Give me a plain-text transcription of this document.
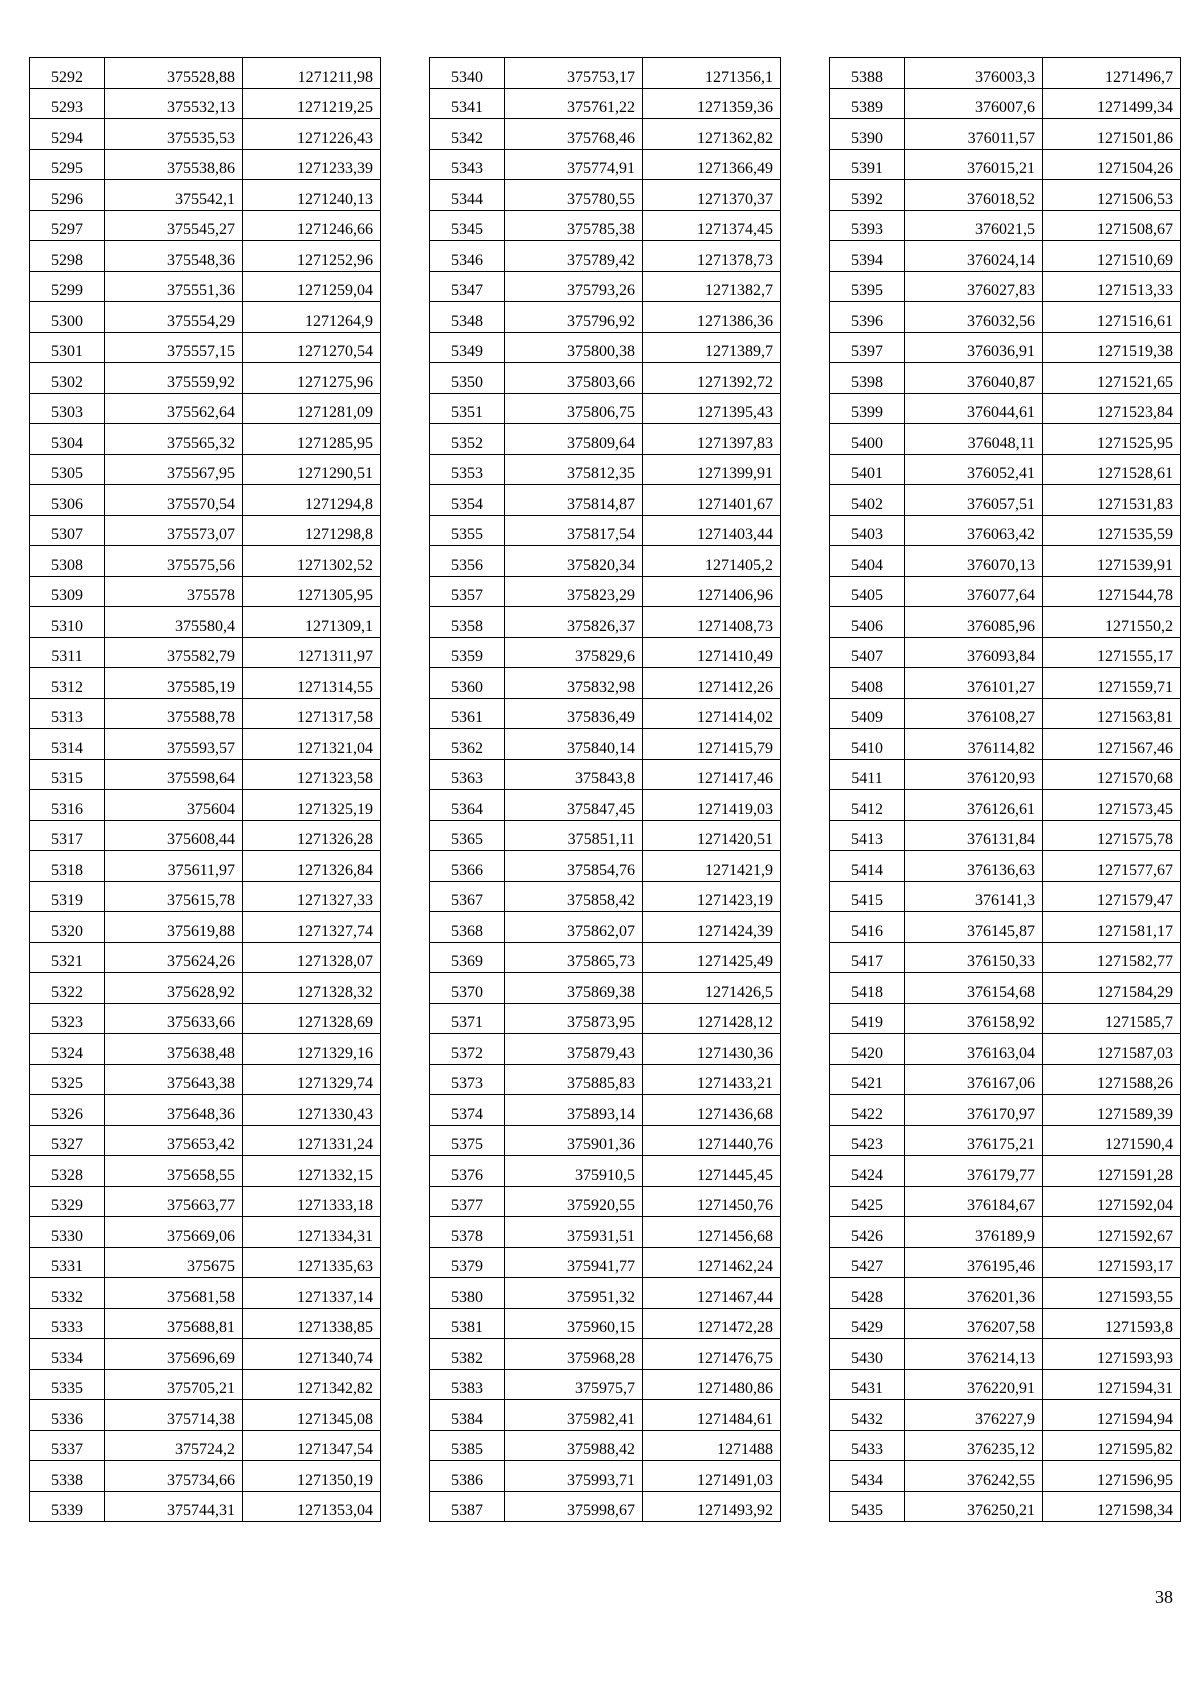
5292	375528,88	1271211,98
5293	375532,13	1271219,25
5294	375535,53	1271226,43
5295	375538,86	1271233,39
5296	375542,1	1271240,13
5297	375545,27	1271246,66
5298	375548,36	1271252,96
5299	375551,36	1271259,04
5300	375554,29	1271264,9
5301	375557,15	1271270,54
5302	375559,92	1271275,96
5303	375562,64	1271281,09
5304	375565,32	1271285,95
5305	375567,95	1271290,51
5306	375570,54	1271294,8
5307	375573,07	1271298,8
5308	375575,56	1271302,52
5309	375578	1271305,95
5310	375580,4	1271309,1
5311	375582,79	1271311,97
5312	375585,19	1271314,55
5313	375588,78	1271317,58
5314	375593,57	1271321,04
5315	375598,64	1271323,58
5316	375604	1271325,19
5317	375608,44	1271326,28
5318	375611,97	1271326,84
5319	375615,78	1271327,33
5320	375619,88	1271327,74
5321	375624,26	1271328,07
5322	375628,92	1271328,32
5323	375633,66	1271328,69
5324	375638,48	1271329,16
5325	375643,38	1271329,74
5326	375648,36	1271330,43
5327	375653,42	1271331,24
5328	375658,55	1271332,15
5329	375663,77	1271333,18
5330	375669,06	1271334,31
5331	375675	1271335,63
5332	375681,58	1271337,14
5333	375688,81	1271338,85
5334	375696,69	1271340,74
5335	375705,21	1271342,82
5336	375714,38	1271345,08
5337	375724,2	1271347,54
5338	375734,66	1271350,19
5339	375744,31	1271353,04
5340	375753,17	1271356,1
5341	375761,22	1271359,36
5342	375768,46	1271362,82
5343	375774,91	1271366,49
5344	375780,55	1271370,37
5345	375785,38	1271374,45
5346	375789,42	1271378,73
5347	375793,26	1271382,7
5348	375796,92	1271386,36
5349	375800,38	1271389,7
5350	375803,66	1271392,72
5351	375806,75	1271395,43
5352	375809,64	1271397,83
5353	375812,35	1271399,91
5354	375814,87	1271401,67
5355	375817,54	1271403,44
5356	375820,34	1271405,2
5357	375823,29	1271406,96
5358	375826,37	1271408,73
5359	375829,6	1271410,49
5360	375832,98	1271412,26
5361	375836,49	1271414,02
5362	375840,14	1271415,79
5363	375843,8	1271417,46
5364	375847,45	1271419,03
5365	375851,11	1271420,51
5366	375854,76	1271421,9
5367	375858,42	1271423,19
5368	375862,07	1271424,39
5369	375865,73	1271425,49
5370	375869,38	1271426,5
5371	375873,95	1271428,12
5372	375879,43	1271430,36
5373	375885,83	1271433,21
5374	375893,14	1271436,68
5375	375901,36	1271440,76
5376	375910,5	1271445,45
5377	375920,55	1271450,76
5378	375931,51	1271456,68
5379	375941,77	1271462,24
5380	375951,32	1271467,44
5381	375960,15	1271472,28
5382	375968,28	1271476,75
5383	375975,7	1271480,86
5384	375982,41	1271484,61
5385	375988,42	1271488
5386	375993,71	1271491,03
5387	375998,67	1271493,92
5388	376003,3	1271496,7
5389	376007,6	1271499,34
5390	376011,57	1271501,86
5391	376015,21	1271504,26
5392	376018,52	1271506,53
5393	376021,5	1271508,67
5394	376024,14	1271510,69
5395	376027,83	1271513,33
5396	376032,56	1271516,61
5397	376036,91	1271519,38
5398	376040,87	1271521,65
5399	376044,61	1271523,84
5400	376048,11	1271525,95
5401	376052,41	1271528,61
5402	376057,51	1271531,83
5403	376063,42	1271535,59
5404	376070,13	1271539,91
5405	376077,64	1271544,78
5406	376085,96	1271550,2
5407	376093,84	1271555,17
5408	376101,27	1271559,71
5409	376108,27	1271563,81
5410	376114,82	1271567,46
5411	376120,93	1271570,68
5412	376126,61	1271573,45
5413	376131,84	1271575,78
5414	376136,63	1271577,67
5415	376141,3	1271579,47
5416	376145,87	1271581,17
5417	376150,33	1271582,77
5418	376154,68	1271584,29
5419	376158,92	1271585,7
5420	376163,04	1271587,03
5421	376167,06	1271588,26
5422	376170,97	1271589,39
5423	376175,21	1271590,4
5424	376179,77	1271591,28
5425	376184,67	1271592,04
5426	376189,9	1271592,67
5427	376195,46	1271593,17
5428	376201,36	1271593,55
5429	376207,58	1271593,8
5430	376214,13	1271593,93
5431	376220,91	1271594,31
5432	376227,9	1271594,94
5433	376235,12	1271595,82
5434	376242,55	1271596,95
5435	376250,21	1271598,34
38
